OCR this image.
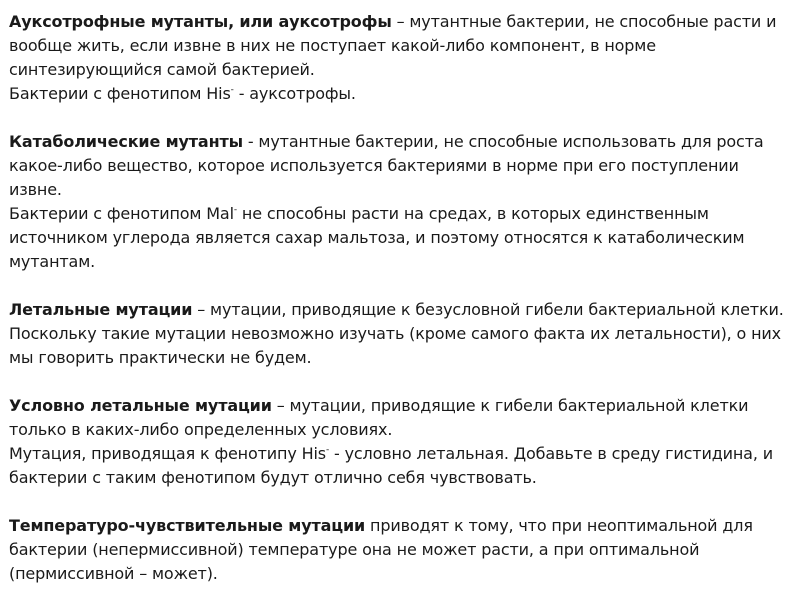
Ауксотрофные мутанты, или ауксотрофы – мутантные бактерии, не способные расти и вообще жить, если извне в них не поступает какой-либо компонент, в норме синтезирующийся самой бактерией.
Бактерии с фенотипом His- - ауксотрофы.

Катаболические мутанты - мутантные бактерии, не способные использовать для роста какое-либо вещество, которое используется бактериями в норме при его поступлении извне.
Бактерии с фенотипом Mal- не способны расти на средах, в которых единственным источником углерода является сахар мальтоза, и поэтому относятся к катаболическим мутантам.

Летальные мутации – мутации, приводящие к безусловной гибели бактериальной клетки. Поскольку такие мутации невозможно изучать (кроме самого факта их летальности), о них мы говорить практически не будем.

Условно летальные мутации – мутации, приводящие к гибели бактериальной клетки только в каких-либо определенных условиях.
Мутация, приводящая к фенотипу His- - условно летальная. Добавьте в среду гистидина, и бактерии с таким фенотипом будут отлично себя чувствовать.

Температуро-чувствительные мутации приводят к тому, что при неоптимальной для бактерии (непермиссивной) температуре она не может расти, а при оптимальной (пермиссивной – может).
